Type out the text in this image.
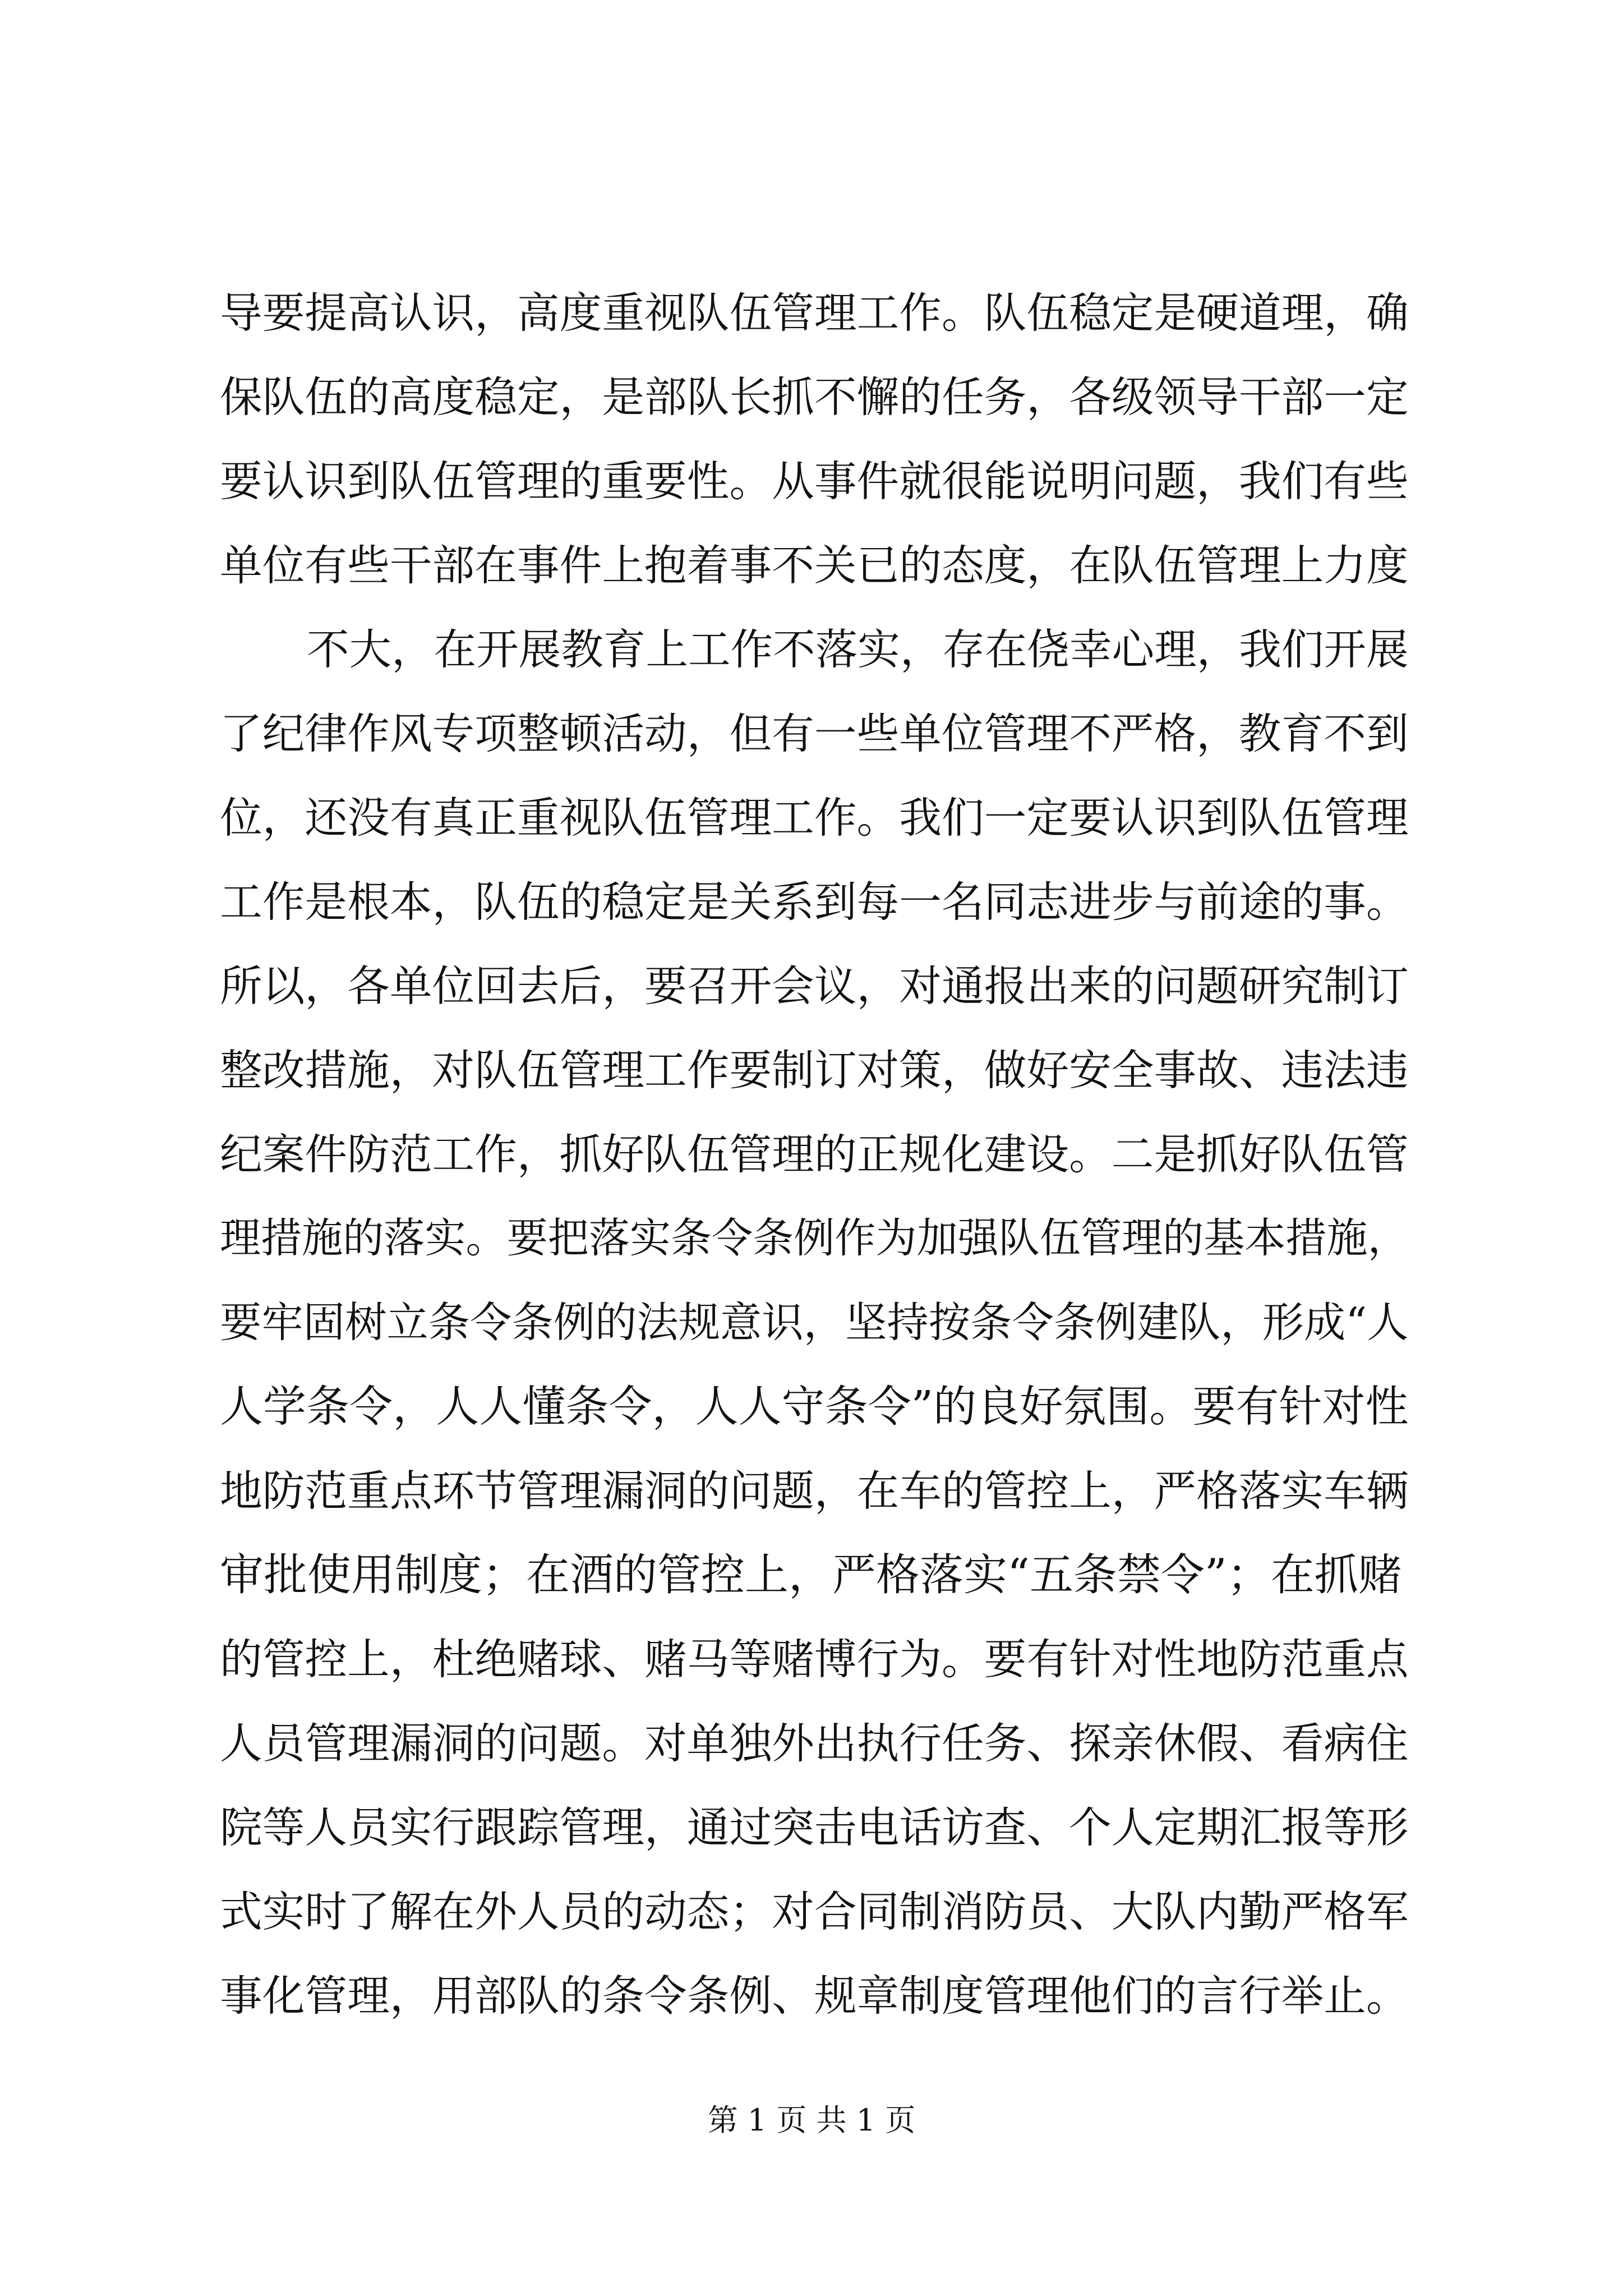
导要提高认识，高度重视队伍管理工作。队伍稳定是硬道理，确
保队伍的高度稳定，是部队长抓不懈的任务，各级领导干部一定
要认识到队伍管理的重要性。从事件就很能说明问题，我们有些
单位有些干部在事件上抱着事不关已的态度，在队伍管理上力度
不大，在开展教育上工作不落实，存在侥幸心理，我们开展
了纪律作风专项整顿活动，但有一些单位管理不严格，教育不到
位，还没有真正重视队伍管理工作。我们一定要认识到队伍管理
工作是根本，队伍的稳定是关系到每一名同志进步与前途的事。
所以，各单位回去后，要召开会议，对通报出来的问题研究制订
整改措施，对队伍管理工作要制订对策，做好安全事故、违法违
纪案件防范工作，抓好队伍管理的正规化建设。二是抓好队伍管
理措施的落实。要把落实条令条例作为加强队伍管理的基本措施，
要牢固树立条令条例的法规意识，坚持按条令条例建队，形成“人
人学条令，人人懂条令，人人守条令”的良好氛围。要有针对性
地防范重点环节管理漏洞的问题，在车的管控上，严格落实车辆
审批使用制度；在酒的管控上，严格落实“五条禁令”；在抓赌
的管控上，杜绝赌球、赌马等赌博行为。要有针对性地防范重点
人员管理漏洞的问题。对单独外出执行任务、探亲休假、看病住
院等人员实行跟踪管理，通过突击电话访查、个人定期汇报等形
式实时了解在外人员的动态；对合同制消防员、大队内勤严格军
事化管理，用部队的条令条例、规章制度管理他们的言行举止。
第 1 页 共 1 页
